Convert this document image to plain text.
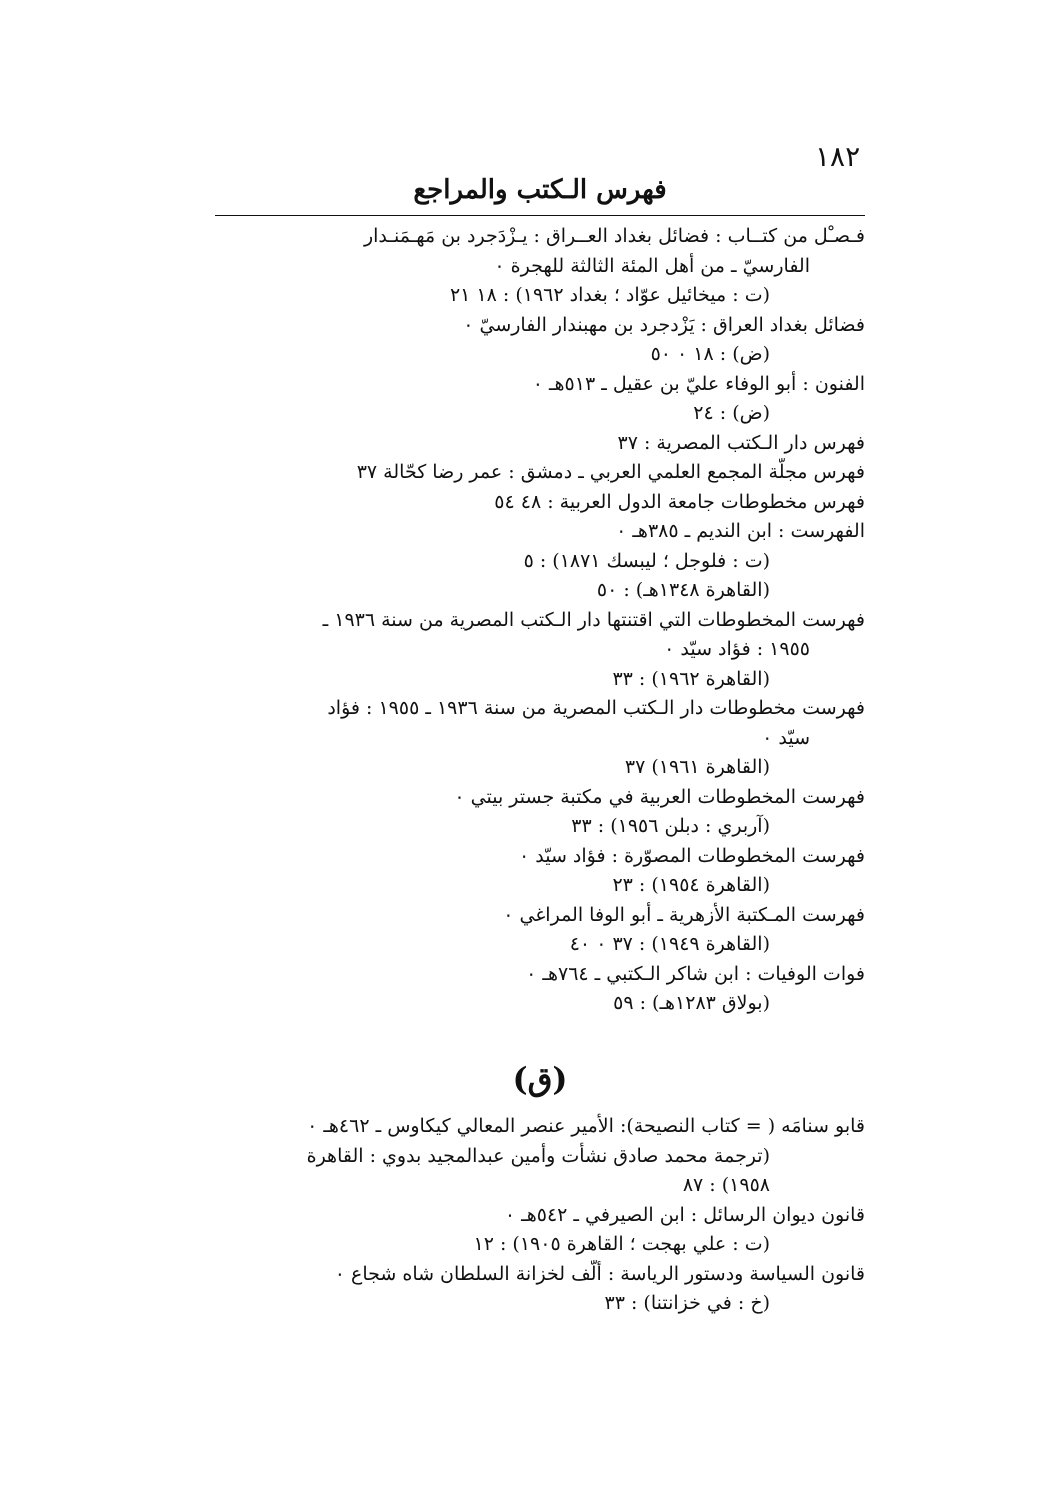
١٨٢
فهرس الـكتب والمراجع
فـصـْل من كتــاب : فضائل بغداد العــراق : يـزْدَجرد بن مَهـمَنـدار
الفارسيّ ـ من أهل المئة الثالثة للهجرة ٠
(ت : ميخائيل عوّاد ؛ بغداد ١٩٦٢) : ١٨ ٢١
فضائل بغداد العراق : يَزْدجرد بن مهبندار الفارسيّ ٠
(ض) : ١٨ ٠ ٥٠
الفنون : أبو الوفاء عليّ بن عقيل ـ ٥١٣هـ ٠
(ض) : ٢٤
فهرس دار الـكتب المصرية : ٣٧
فهرس مجلّة المجمع العلمي العربي ـ دمشق : عمر رضا كحّالة ٣٧
فهرس مخطوطات جامعة الدول العربية : ٤٨ ٥٤
الفهرست : ابن النديم ـ ٣٨٥هـ ٠
(ت : فلوجل ؛ ليبسك ١٨٧١) : ٥
(القاهرة ١٣٤٨هـ) : ٥٠
فهرست المخطوطات التي اقتنتها دار الـكتب المصرية من سنة ١٩٣٦ ـ
١٩٥٥ : فؤاد سيّد ٠
(القاهرة ١٩٦٢) : ٣٣
فهرست مخطوطات دار الـكتب المصرية من سنة ١٩٣٦ ـ ١٩٥٥ : فؤاد
سيّد ٠
(القاهرة ١٩٦١) ٣٧
فهرست المخطوطات العربية في مكتبة جستر بيتي ٠
(آربري : دبلن ١٩٥٦) : ٣٣
فهرست المخطوطات المصوّرة : فؤاد سيّد ٠
(القاهرة ١٩٥٤) : ٢٣
فهرست المـكتبة الأزهرية ـ أبو الوفا المراغي ٠
(القاهرة ١٩٤٩) : ٣٧ ٠ ٤٠
فوات الوفيات : ابن شاكر الـكتبي ـ ٧٦٤هـ ٠
(بولاق ١٢٨٣هـ) : ٥٩
(ق)
قابو سنامَه ( = كتاب النصيحة): الأمير عنصر المعالي كيكاوس ـ ٤٦٢هـ ٠
(ترجمة محمد صادق نشأت وأمين عبدالمجيد بدوي : القاهرة
١٩٥٨) : ٨٧
قانون ديوان الرسائل : ابن الصيرفي ـ ٥٤٢هـ ٠
(ت : علي بهجت ؛ القاهرة ١٩٠٥) : ١٢
قانون السياسة ودستور الرياسة : أُلّف لخزانة السلطان شاه شجاع ٠
(خ : في خزانتنا) : ٣٣
